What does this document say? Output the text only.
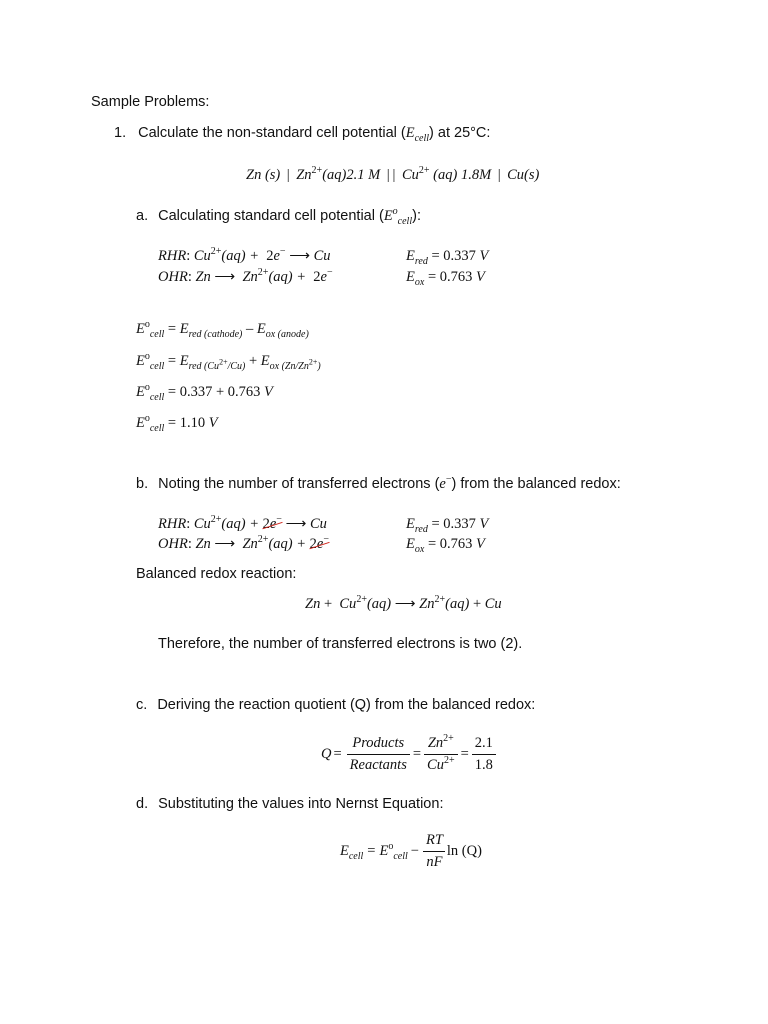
Sample Problems:
1. Calculate the non-standard cell potential $(E_{cell})$ at 25°C:
Zn (s)  |  $Zn^{2+}(aq)2.1$ M  | |  $Cu^{2+}$ (aq) 1.8M  |  Cu(s)
a. Calculating standard cell potential $(E^o_{cell})$:
RHR: $Cu^{2+}(aq) + 2e^-$ ⟶ Cu	$E_{red} = 0.337$ V
OHR: Zn ⟶  $Zn^{2+}(aq) + 2e^-$	$E_{ox} = 0.763$ V
$E^o_{cell} = E_{red (cathode)} - E_{ox (anode)}$
$E^o_{cell} = E_{red (Cu^{2+}/Cu)} + E_{ox (Zn/Zn^{2+})}$
$E^o_{cell} = 0.337 + 0.763$ V
$E^o_{cell} = 1.10$ V
b. Noting the number of transferred electrons (e−) from the balanced redox:
RHR: $Cu^{2+}(aq) + 2e^-$ ⟶ Cu	$E_{red} = 0.337$ V
OHR: Zn ⟶  $Zn^{2+}(aq) + 2e^-$	$E_{ox} = 0.763$ V
Balanced redox reaction:
$Zn + Cu^{2+}(aq)$ ⟶ $Zn^{2+}(aq) + Cu$
Therefore, the number of transferred electrons is two (2).
c. Deriving the reaction quotient (Q) from the balanced redox:
$Q = \frac{\text{Products}}{\text{Reactants}} = \frac{Zn^{2+}}{Cu^{2+}} = \frac{2.1}{1.8}$
d. Substituting the values into Nernst Equation:
$E_{cell} = E^o_{cell} - \frac{RT}{nF}$ ln (Q)
